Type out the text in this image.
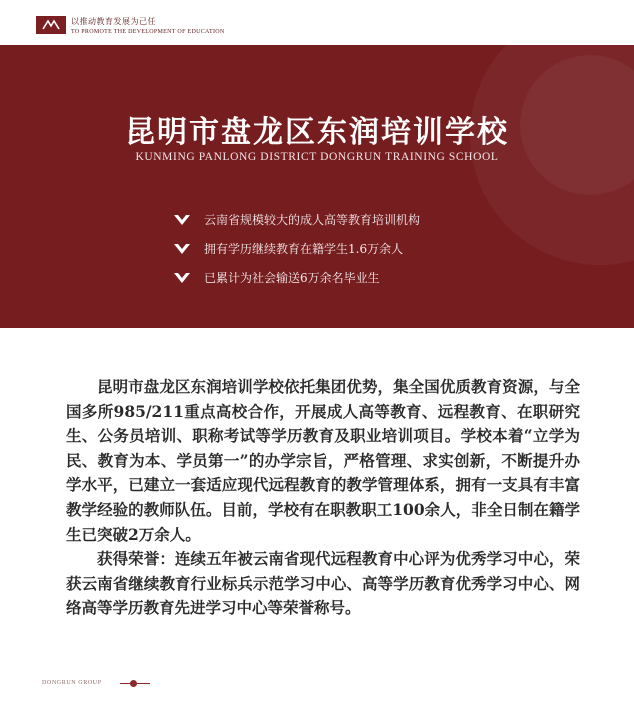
以推动教育发展为己任
TO PROMOTE THE DEVELOPMENT OF EDUCATION
昆明市盘龙区东润培训学校
KUNMING PANLONG DISTRICT DONGRUN TRAINING SCHOOL
云南省规模较大的成人高等教育培训机构
拥有学历继续教育在籍学生1.6万余人
已累计为社会输送6万余名毕业生

昆明市盘龙区东润培训学校依托集团优势，集全国优质教育资源，与全国多所985/211重点高校合作，开展成人高等教育、远程教育、在职研究生、公务员培训、职称考试等学历教育及职业培训项目。学校本着“立学为民、教育为本、学员第一”的办学宗旨，严格管理、求实创新，不断提升办学水平，已建立一套适应现代远程教育的教学管理体系，拥有一支具有丰富教学经验的教师队伍。目前，学校有在职教职工100余人，非全日制在籍学生已突破2万余人。

获得荣誉：连续五年被云南省现代远程教育中心评为优秀学习中心，荣获云南省继续教育行业标兵示范学习中心、高等学历教育优秀学习中心、网络高等学历教育先进学习中心等荣誉称号。

DONGRUN GROUP
